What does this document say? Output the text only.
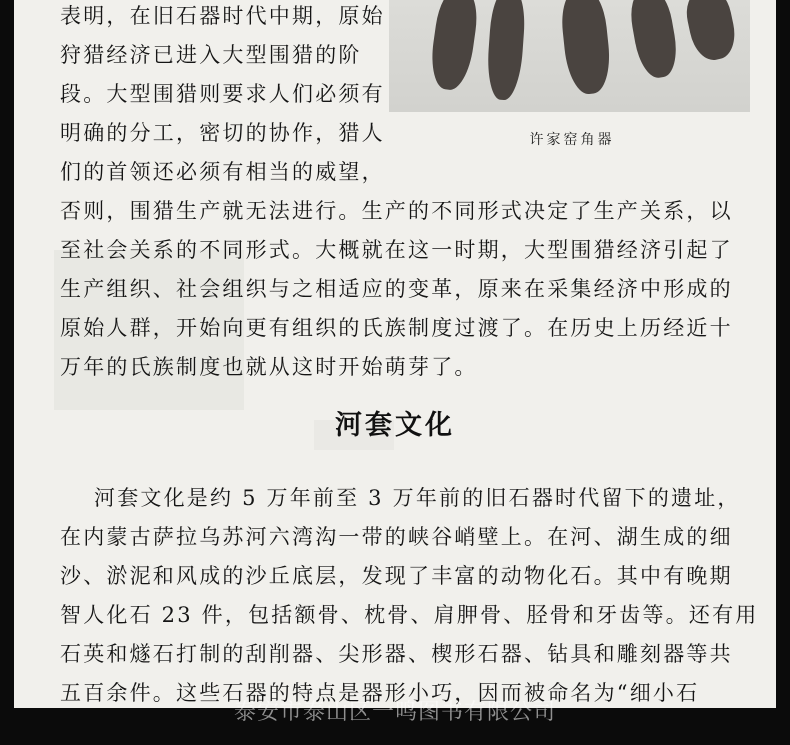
许家窑角器
表明，在旧石器时代中期，原始
狩猎经济已进入大型围猎的阶
段。大型围猎则要求人们必须有
明确的分工，密切的协作，猎人
们的首领还必须有相当的威望，
否则，围猎生产就无法进行。生产的不同形式决定了生产关系，以
至社会关系的不同形式。大概就在这一时期，大型围猎经济引起了
生产组织、社会组织与之相适应的变革，原来在采集经济中形成的
原始人群，开始向更有组织的氏族制度过渡了。在历史上历经近十
万年的氏族制度也就从这时开始萌芽了。
河套文化
河套文化是约 5 万年前至 3 万年前的旧石器时代留下的遗址，
在内蒙古萨拉乌苏河六湾沟一带的峡谷峭壁上。在河、湖生成的细
沙、淤泥和风成的沙丘底层，发现了丰富的动物化石。其中有晚期
智人化石 23 件，包括额骨、枕骨、肩胛骨、胫骨和牙齿等。还有用
石英和燧石打制的刮削器、尖形器、楔形石器、钻具和雕刻器等共
五百余件。这些石器的特点是器形小巧，因而被命名为“细小石
泰安市泰山区一鸣图书有限公司
